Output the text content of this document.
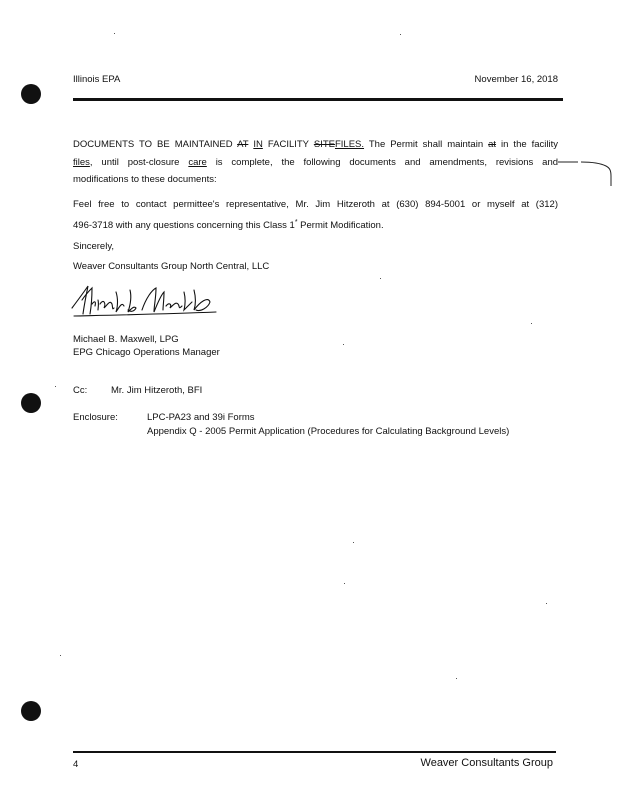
Illinois EPA	November 16, 2018
DOCUMENTS TO BE MAINTAINED AT IN FACILITY SITEFILES. The Permit shall maintain at in the facility
files, until post-closure care is complete, the following documents and amendments, revisions and
modifications to these documents:
Feel free to contact permittee's representative, Mr. Jim Hitzeroth at (630) 894-5001 or myself at (312)
496-3718 with any questions concerning this Class 1* Permit Modification.
Sincerely,
Weaver Consultants Group North Central, LLC
Michael B. Maxwell, LPG
EPG Chicago Operations Manager
Cc:	Mr. Jim Hitzeroth, BFI
Enclosure:	LPC-PA23 and 39i Forms
Appendix Q - 2005 Permit Application (Procedures for Calculating Background Levels)
4	Weaver Consultants Group
